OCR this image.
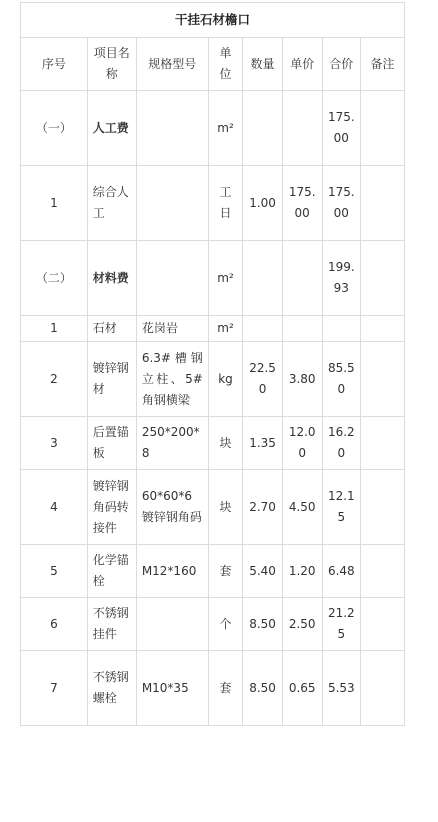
干挂石材檐口
序号	项目名称	规格型号	单位	数量	单价	合价	备注
（一）	人工费		m²			175.00	
1	综合人工		工日	1.00	175.00	175.00	
（二）	材料费		m²			199.93	
1	石材	花岗岩	m²				
2	镀锌钢材	6.3#槽钢立柱、5#角钢横梁	kg	22.50	3.80	85.50	
3	后置锚板	250*200*8	块	1.35	12.00	16.20	
4	镀锌钢角码转接件	60*60*6镀锌钢角码	块	2.70	4.50	12.15	
5	化学锚栓	M12*160	套	5.40	1.20	6.48	
6	不锈钢挂件		个	8.50	2.50	21.25	
7	不锈钢螺栓	M10*35	套	8.50	0.65	5.53	
